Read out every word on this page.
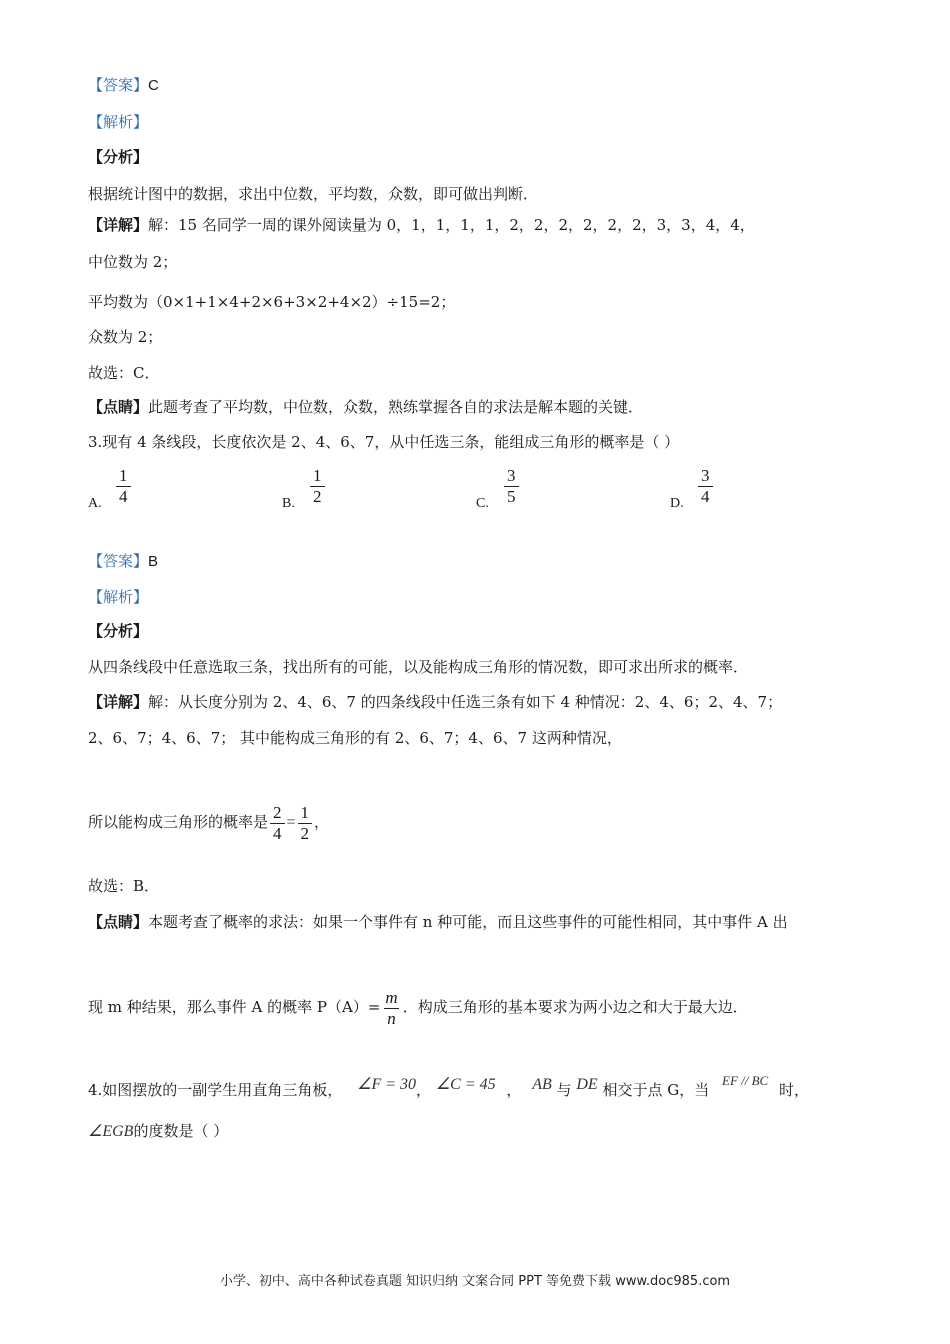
【答案】C
【解析】
【分析】
根据统计图中的数据，求出中位数，平均数，众数，即可做出判断．
【详解】解：15 名同学一周的课外阅读量为 0，1，1，1，1，2，2，2，2，2，2，3，3，4，4，
中位数为 2；
平均数为（0×1+1×4+2×6+3×2+4×2）÷15=2；
众数为 2；
故选：C．
【点睛】此题考查了平均数，中位数，众数，熟练掌握各自的求法是解本题的关键．
3.现有 4 条线段，长度依次是 2、4、6、7，从中任选三条，能组成三角形的概率是（ ）
A. $\frac{1}{4}$	B. $\frac{1}{2}$	C. $\frac{3}{5}$	D. $\frac{3}{4}$
【答案】B
【解析】
【分析】
从四条线段中任意选取三条，找出所有的可能，以及能构成三角形的情况数，即可求出所求的概率．
【详解】解：从长度分别为 2、4、6、7 的四条线段中任选三条有如下 4 种情况：2、4、6；2、4、7；
2、6、7；4、6、7； 其中能构成三角形的有 2、6、7；4、6、7 这两种情况，
所以能构成三角形的概率是 $\frac{2}{4} = \frac{1}{2}$ ，
故选：B．
【点睛】本题考查了概率的求法：如果一个事件有 n 种可能，而且这些事件的可能性相同，其中事件 A 出
现 m 种结果，那么事件 A 的概率 $P(A)= \frac{m}{n}$ ．构成三角形的基本要求为两小边之和大于最大边．
4.如图摆放的一副学生用直角三角板， ∠F = 30， ∠C = 45 ， AB 与 DE 相交于点 G，当 EF // BC 时，
∠EGB的度数是（ ）
小学、初中、高中各种试卷真题 知识归纳 文案合同 PPT 等免费下载 www.doc985.com
